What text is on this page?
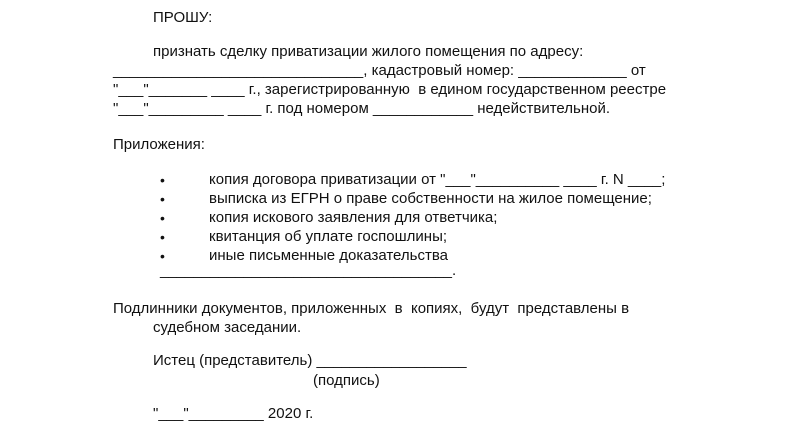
ПРОШУ:
признать сделку приватизации жилого помещения по адресу:
______________________________, кадастровый номер: _____________ от
"___"_______ ____ г., зарегистрированную  в едином государственном реестре
"___"_________ ____ г. под номером ____________ недействительной.
Приложения:
•	копия договора приватизации от "___"__________ ____ г. N ____;
•	выписка из ЕГРН о праве собственности на жилое помещение;
•	копия искового заявления для ответчика;
•	квитанция об уплате госпошлины;
•	иные письменные доказательства
___________________________________.
Подлинники документов, приложенных  в  копиях,  будут  представлены в
судебном заседании.
Истец (представитель) __________________
(подпись)
"___"_________ 2020 г.
